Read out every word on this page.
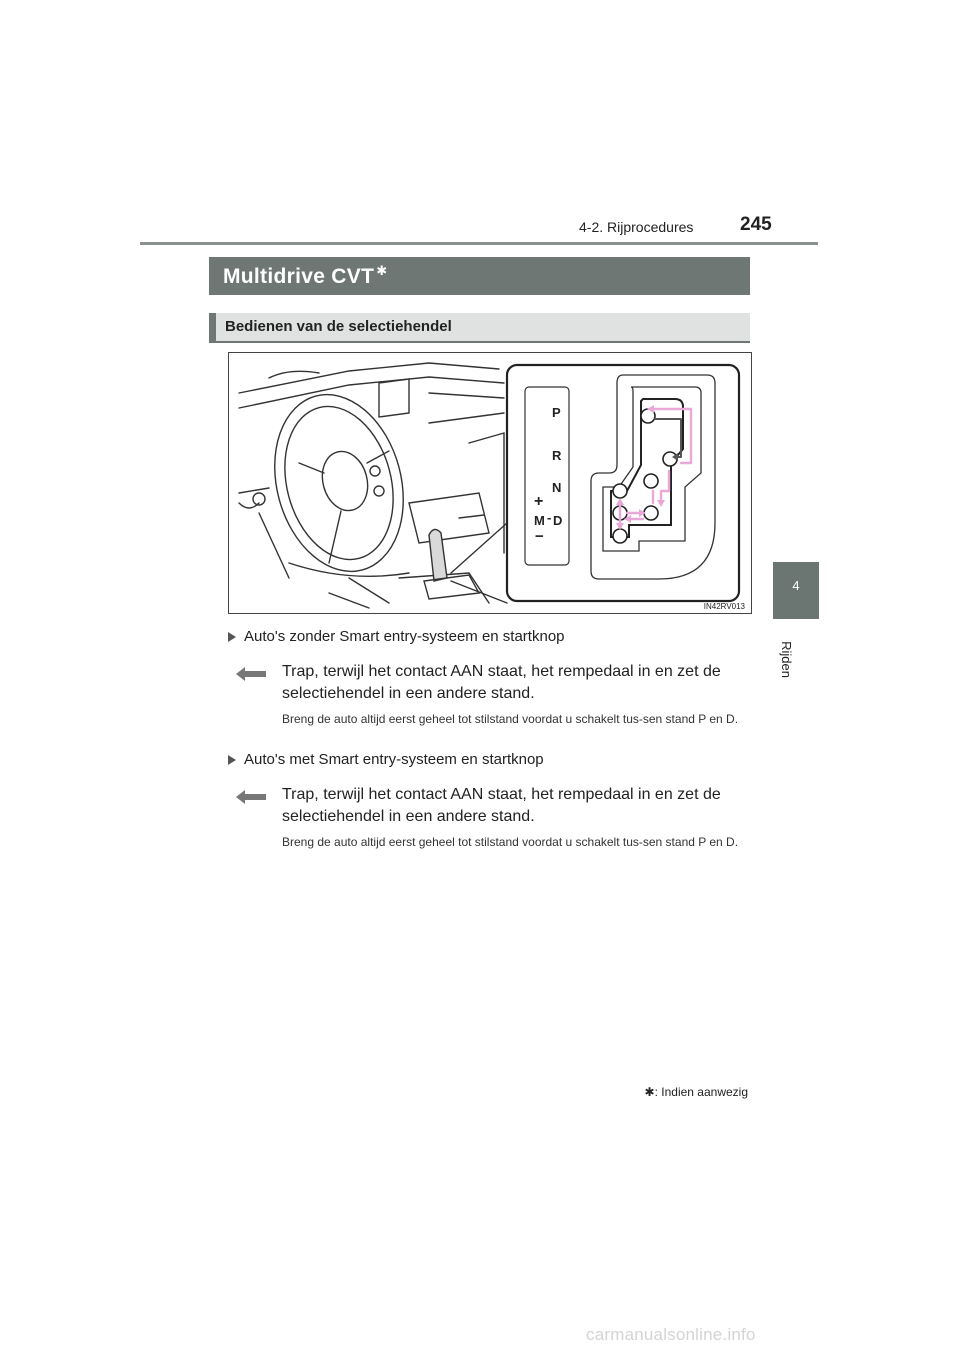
4-2. Rijprocedures 245
4
Rijden
Multidrive CVT ✱
Bedienen van de selectiehendel
P
R
N
+
M - D
−
IN42RV013
Auto's zonder Smart entry-systeem en startknop
Trap, terwijl het contact AAN staat, het rempedaal in en zet de selectiehendel in een andere stand.
Breng de auto altijd eerst geheel tot stilstand voordat u schakelt tus-sen stand P en D.
Auto's met Smart entry-systeem en startknop
Trap, terwijl het contact AAN staat, het rempedaal in en zet de selectiehendel in een andere stand.
Breng de auto altijd eerst geheel tot stilstand voordat u schakelt tus-sen stand P en D.
✱: Indien aanwezig
carmanualsonline.info
